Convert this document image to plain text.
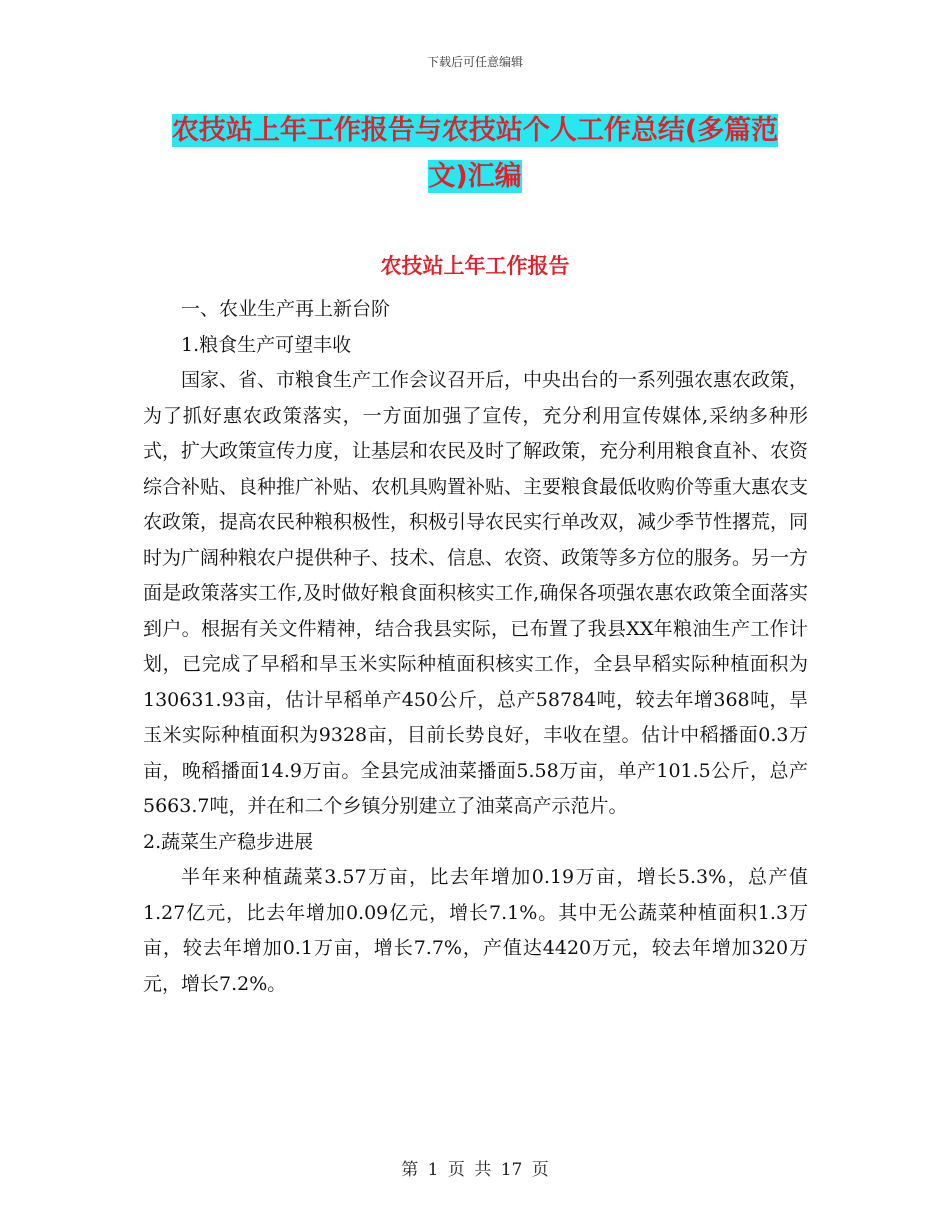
下载后可任意编辑
农技站上年工作报告与农技站个人工作总结(多篇范
文)汇编
农技站上年工作报告

一、农业生产再上新台阶

1.粮食生产可望丰收

国家、省、市粮食生产工作会议召开后，中央出台的一系列强农惠农政策，为了抓好惠农政策落实，一方面加强了宣传，充分利用宣传媒体,采纳多种形式，扩大政策宣传力度，让基层和农民及时了解政策，充分利用粮食直补、农资综合补贴、良种推广补贴、农机具购置补贴、主要粮食最低收购价等重大惠农支农政策，提高农民种粮积极性，积极引导农民实行单改双，减少季节性撂荒，同时为广阔种粮农户提供种子、技术、信息、农资、政策等多方位的服务。另一方面是政策落实工作,及时做好粮食面积核实工作,确保各项强农惠农政策全面落实到户。根据有关文件精神，结合我县实际，已布置了我县XX年粮油生产工作计划，已完成了早稻和旱玉米实际种植面积核实工作，全县早稻实际种植面积为130631.93亩，估计早稻单产450公斤，总产58784吨，较去年增368吨，旱玉米实际种植面积为9328亩，目前长势良好，丰收在望。估计中稻播面0.3万亩，晚稻播面14.9万亩。全县完成油菜播面5.58万亩，单产101.5公斤，总产5663.7吨，并在和二个乡镇分别建立了油菜高产示范片。

2.蔬菜生产稳步进展

半年来种植蔬菜3.57万亩，比去年增加0.19万亩，增长5.3%，总产值1.27亿元，比去年增加0.09亿元，增长7.1%。其中无公蔬菜种植面积1.3万亩，较去年增加0.1万亩，增长7.7%，产值达4420万元，较去年增加320万元，增长7.2%。

第 1 页 共 17 页
